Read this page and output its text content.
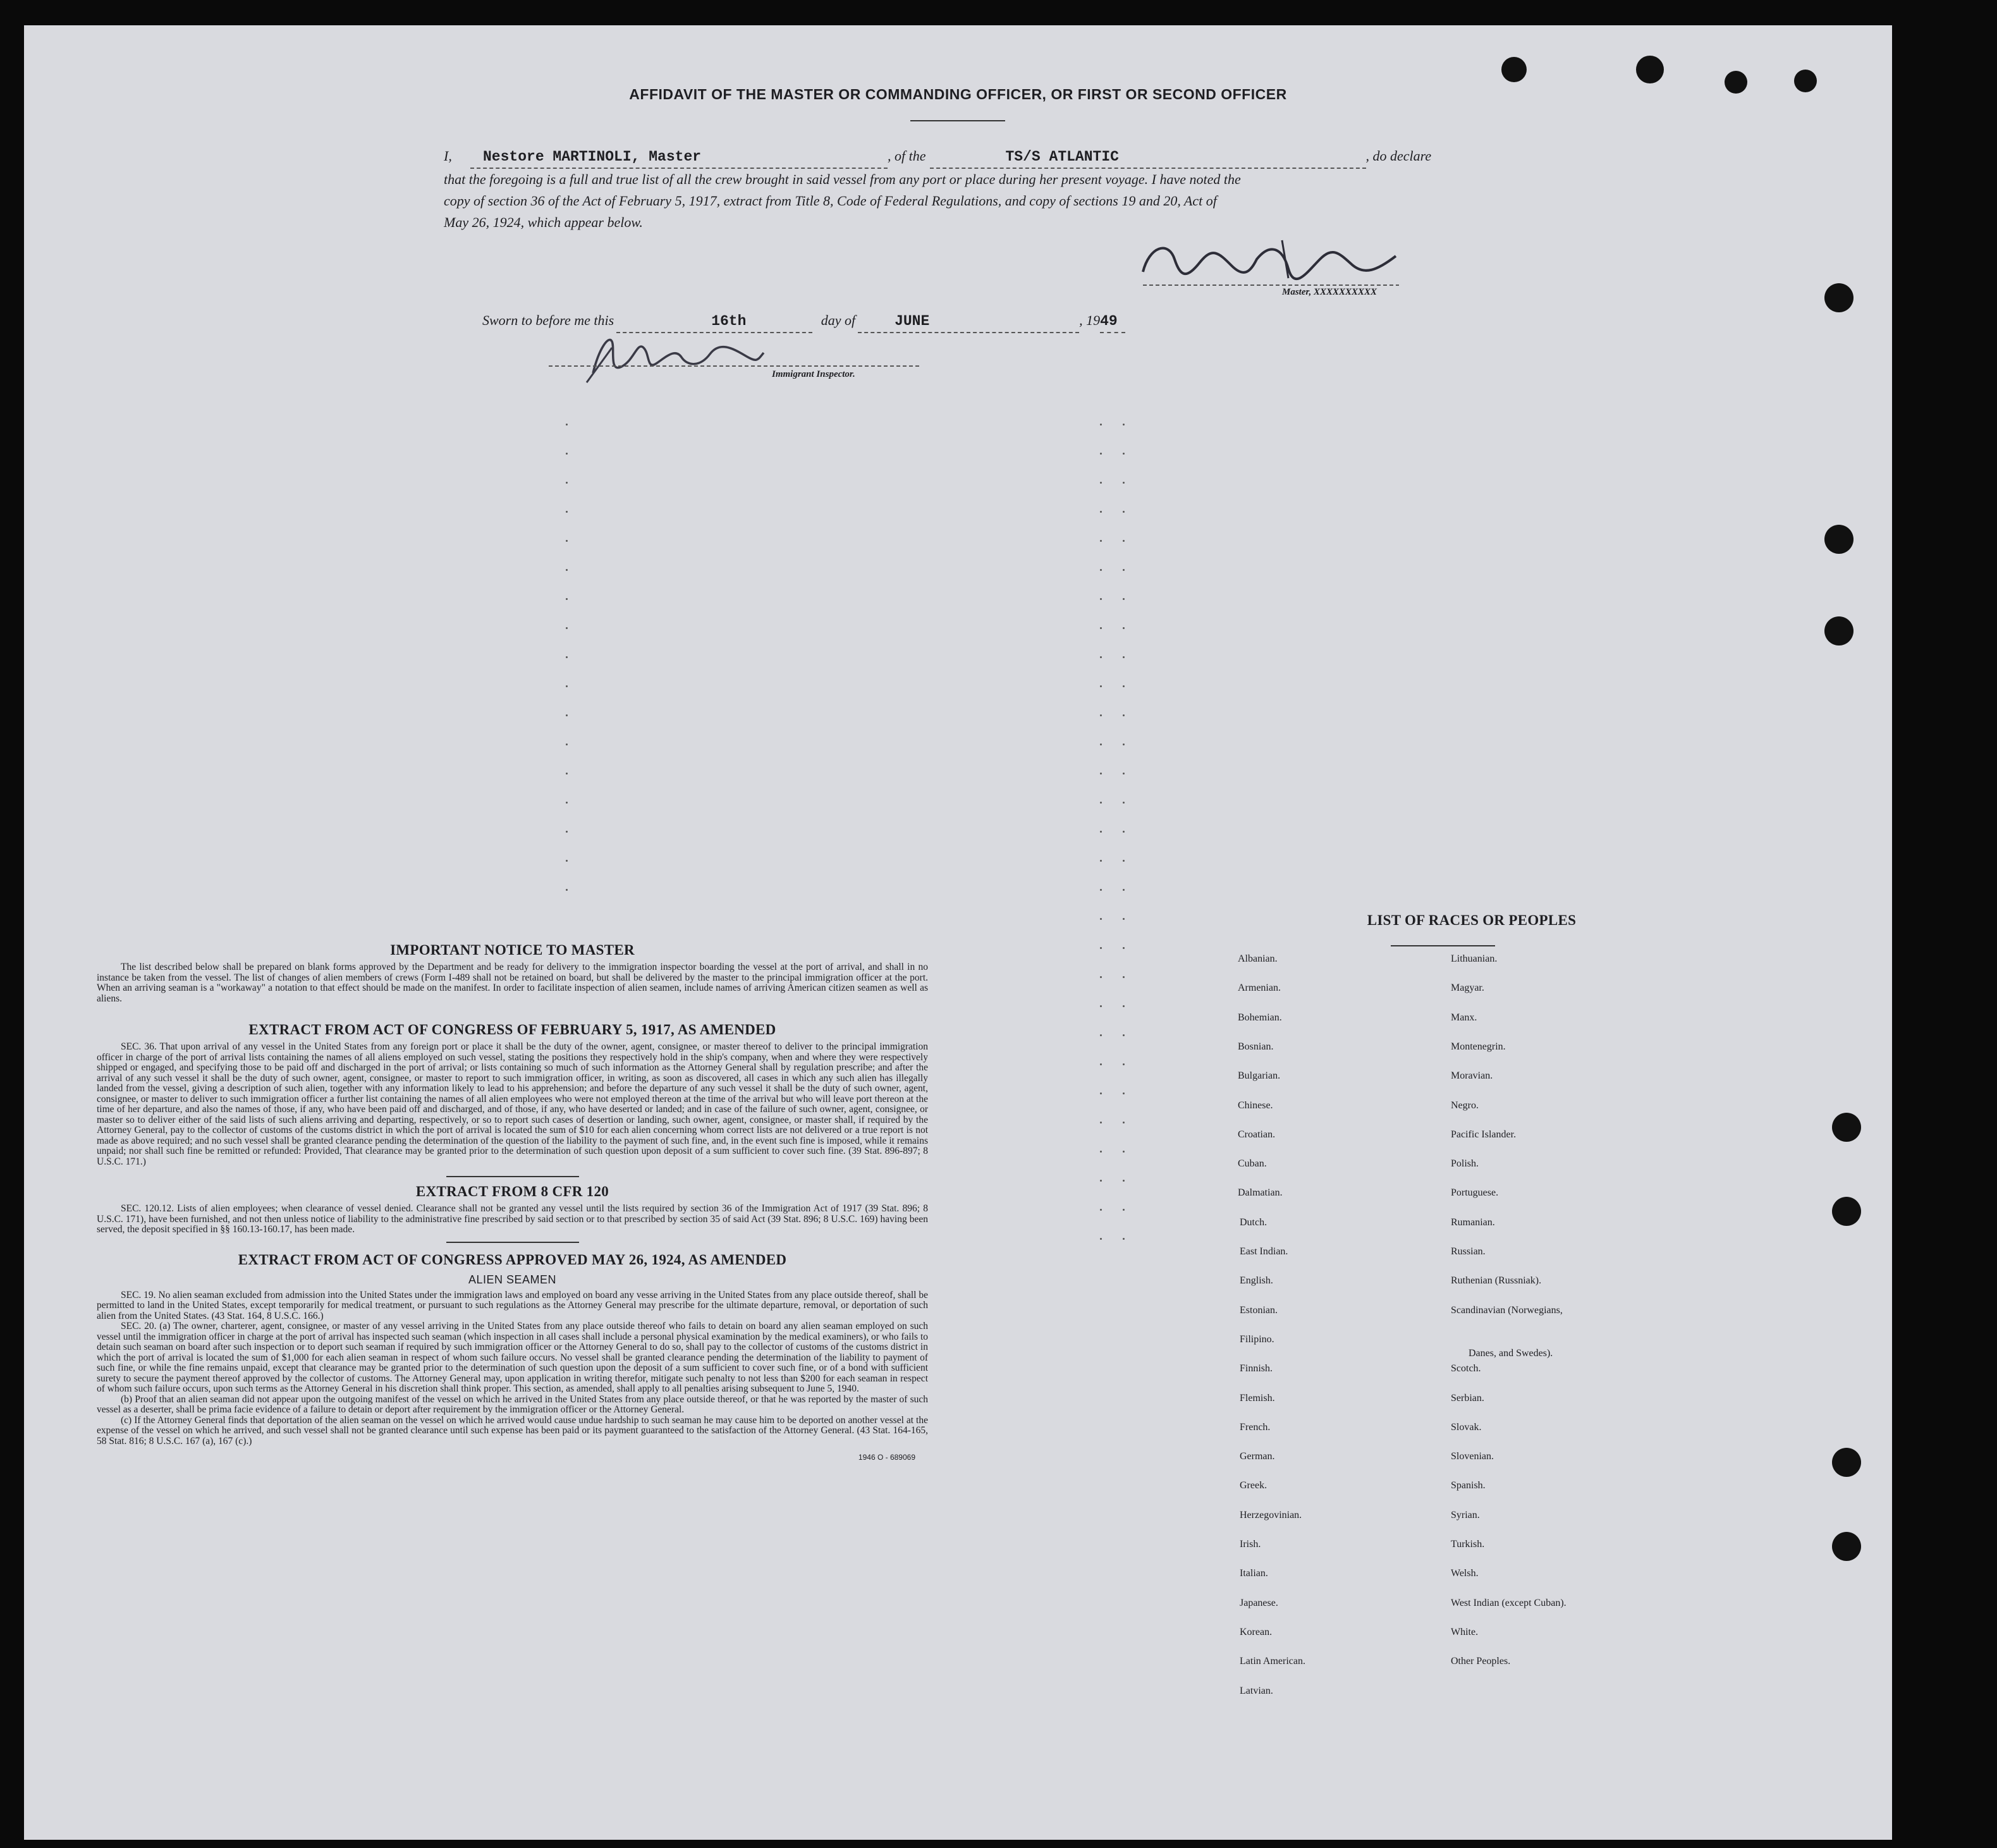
AFFIDAVIT OF THE MASTER OR COMMANDING OFFICER, OR FIRST OR SECOND OFFICER
I, Nestore MARTINOLI, Master	, of the	TS/S ATLANTIC	, do declare
that the foregoing is a full and true list of all the crew brought in said vessel from any port or place during her present voyage. I have noted the
copy of section 36 of the Act of February 5, 1917, extract from Title 8, Code of Federal Regulations, and copy of sections 19 and 20, Act of
May 26, 1924, which appear below.
Master, XXXXXXXXXX
Sworn to before me this	16th	day of	JUNE	, 1949
Immigrant Inspector.
IMPORTANT NOTICE TO MASTER
The list described below shall be prepared on blank forms approved by the Department and be ready for delivery to the immigration inspector boarding the vessel at the port of arrival, and shall in no instance be taken from the vessel. The list of changes of alien members of crews (Form I-489 shall not be retained on board, but shall be delivered by the master to the principal immigration officer at the port. When an arriving seaman is a "workaway" a notation to that effect should be made on the manifest. In order to facilitate inspection of alien seamen, include names of arriving American citizen seamen as well as aliens.
EXTRACT FROM ACT OF CONGRESS OF FEBRUARY 5, 1917, AS AMENDED
SEC. 36. That upon arrival of any vessel in the United States from any foreign port or place it shall be the duty of the owner, agent, consignee, or master thereof to deliver to the principal immigration officer in charge of the port of arrival lists containing the names of all aliens employed on such vessel, stating the positions they respectively hold in the ship's company, when and where they were respectively shipped or engaged, and specifying those to be paid off and discharged in the port of arrival; or lists containing so much of such information as the Attorney General shall by regulation prescribe; and after the arrival of any such vessel it shall be the duty of such owner, agent, consignee, or master to report to such immigration officer, in writing, as soon as discovered, all cases in which any such alien has illegally landed from the vessel, giving a description of such alien, together with any information likely to lead to his apprehension; and before the departure of any such vessel it shall be the duty of such owner, agent, consignee, or master to deliver to such immigration officer a further list containing the names of all alien employees who were not employed thereon at the time of the arrival but who will leave port thereon at the time of her departure, and also the names of those, if any, who have been paid off and discharged, and of those, if any, who have deserted or landed; and in case of the failure of such owner, agent, consignee, or master so to deliver either of the said lists of such aliens arriving and departing, respectively, or so to report such cases of desertion or landing, such owner, agent, consignee, or master shall, if required by the Attorney General, pay to the collector of customs of the customs district in which the port of arrival is located the sum of $10 for each alien concerning whom correct lists are not delivered or a true report is not made as above required; and no such vessel shall be granted clearance pending the determination of the question of the liability to the payment of such fine, and, in the event such fine is imposed, while it remains unpaid; nor shall such fine be remitted or refunded: Provided, That clearance may be granted prior to the determination of such question upon deposit of a sum sufficient to cover such fine. (39 Stat. 896-897; 8 U.S.C. 171.)
EXTRACT FROM 8 CFR 120
SEC. 120.12. Lists of alien employees; when clearance of vessel denied. Clearance shall not be granted any vessel until the lists required by section 36 of the Immigration Act of 1917 (39 Stat. 896; 8 U.S.C. 171), have been furnished, and not then unless notice of liability to the administrative fine prescribed by said section or to that prescribed by section 35 of said Act (39 Stat. 896; 8 U.S.C. 169) having been served, the deposit specified in §§ 160.13-160.17, has been made.
EXTRACT FROM ACT OF CONGRESS APPROVED MAY 26, 1924, AS AMENDED
ALIEN SEAMEN
SEC. 19. No alien seaman excluded from admission into the United States under the immigration laws and employed on board any vesse arriving in the United States from any place outside thereof, shall be permitted to land in the United States, except temporarily for medical treatment, or pursuant to such regulations as the Attorney General may prescribe for the ultimate departure, removal, or deportation of such alien from the United States. (43 Stat. 164, 8 U.S.C. 166.)
SEC. 20. (a) The owner, charterer, agent, consignee, or master of any vessel arriving in the United States from any place outside thereof who fails to detain on board any alien seaman employed on such vessel until the immigration officer in charge at the port of arrival has inspected such seaman (which inspection in all cases shall include a personal physical examination by the medical examiners), or who fails to detain such seaman on board after such inspection or to deport such seaman if required by such immigration officer or the Attorney General to do so, shall pay to the collector of customs of the customs district in which the port of arrival is located the sum of $1,000 for each alien seaman in respect of whom such failure occurs. No vessel shall be granted clearance pending the determination of the liability to payment of such fine, or while the fine remains unpaid, except that clearance may be granted prior to the determination of such question upon the deposit of a sum sufficient to cover such fine, or of a bond with sufficient surety to secure the payment thereof approved by the collector of customs. The Attorney General may, upon application in writing therefor, mitigate such penalty to not less than $200 for each seaman in respect of whom such failure occurs, upon such terms as the Attorney General in his discretion shall think proper. This section, as amended, shall apply to all penalties arising subsequent to June 5, 1940.
(b) Proof that an alien seaman did not appear upon the outgoing manifest of the vessel on which he arrived in the United States from any place outside thereof, or that he was reported by the master of such vessel as a deserter, shall be prima facie evidence of a failure to detain or deport after requirement by the immigration officer or the Attorney General.
(c) If the Attorney General finds that deportation of the alien seaman on the vessel on which he arrived would cause undue hardship to such seaman he may cause him to be deported on another vessel at the expense of the vessel on which he arrived, and such vessel shall not be granted clearance until such expense has been paid or its payment guaranteed to the satisfaction of the Attorney General. (43 Stat. 164-165, 58 Stat. 816; 8 U.S.C. 167 (a), 167 (c).)
1946 O - 689069
LIST OF RACES OR PEOPLES
Albanian.
Armenian.
Bohemian.
Bosnian.
Bulgarian.
Chinese.
Croatian.
Cuban.
Dalmatian.
Dutch.
East Indian.
English.
Estonian.
Filipino.
Finnish.
Flemish.
French.
German.
Greek.
Herzegovinian.
Irish.
Italian.
Japanese.
Korean.
Latin American.
Latvian.
Lithuanian.
Magyar.
Manx.
Montenegrin.
Moravian.
Negro.
Pacific Islander.
Polish.
Portuguese.
Rumanian.
Russian.
Ruthenian (Russniak).
Scandinavian (Norwegians,
Danes, and Swedes).
Scotch.
Serbian.
Slovak.
Slovenian.
Spanish.
Syrian.
Turkish.
Welsh.
West Indian (except Cuban).
White.
Other Peoples.
